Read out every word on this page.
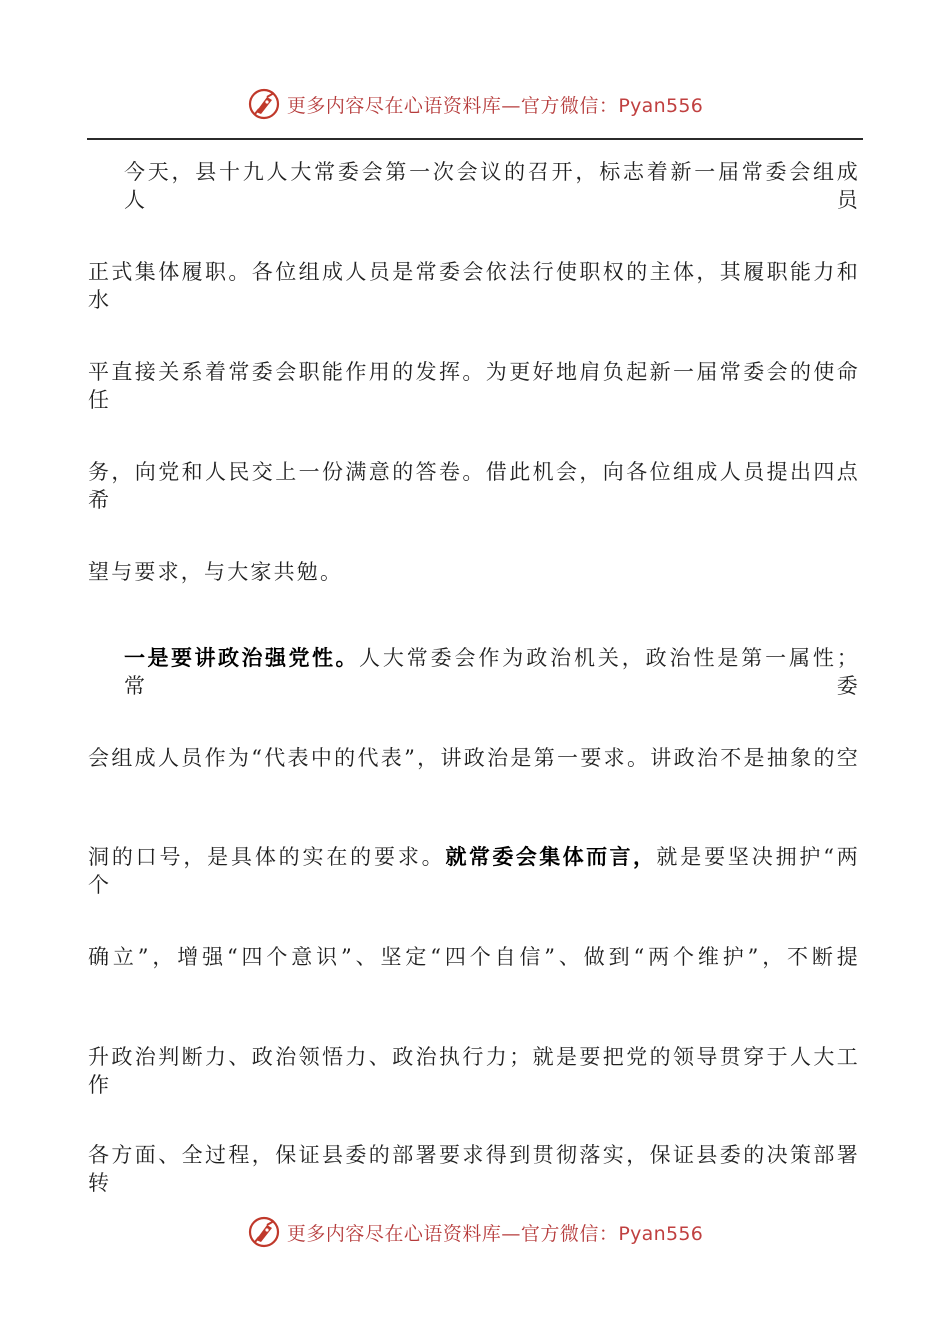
更多内容尽在心语资料库—官方微信：Pyan556
今天，县十九人大常委会第一次会议的召开，标志着新一届常委会组成人员
正式集体履职。各位组成人员是常委会依法行使职权的主体，其履职能力和水
平直接关系着常委会职能作用的发挥。为更好地肩负起新一届常委会的使命任
务，向党和人民交上一份满意的答卷。借此机会，向各位组成人员提出四点希
望与要求，与大家共勉。
一是要讲政治强党性。人大常委会作为政治机关，政治性是第一属性；常委
会组成人员作为“代表中的代表”，讲政治是第一要求。讲政治不是抽象的空
洞的口号，是具体的实在的要求。就常委会集体而言，就是要坚决拥护“两个
确立”，增强“四个意识”、坚定“四个自信”、做到“两个维护”，不断提
升政治判断力、政治领悟力、政治执行力；就是要把党的领导贯穿于人大工作
各方面、全过程，保证县委的部署要求得到贯彻落实，保证县委的决策部署转
更多内容尽在心语资料库—官方微信：Pyan556
